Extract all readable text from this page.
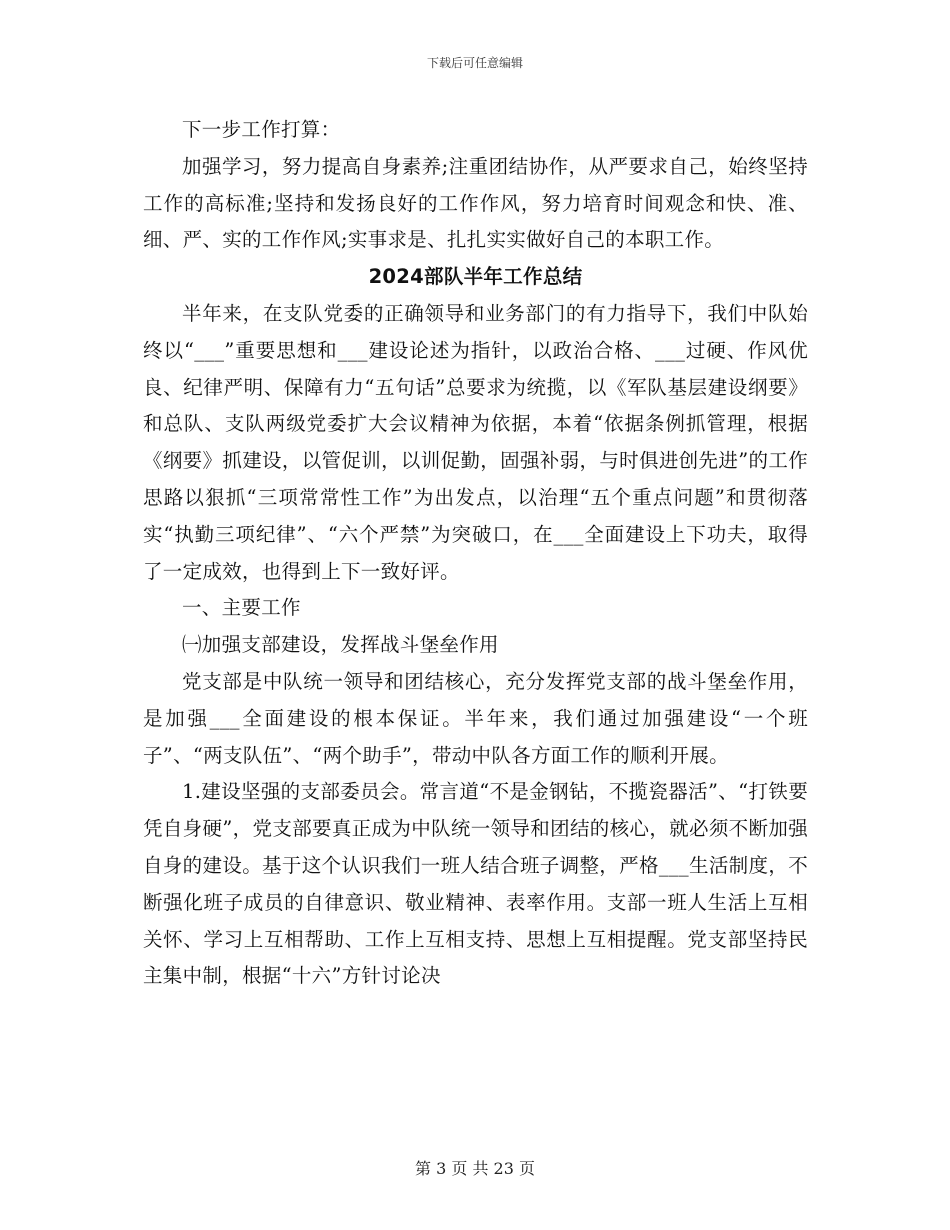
下载后可任意编辑

下一步工作打算：

加强学习，努力提高自身素养;注重团结协作，从严要求自己，始终坚持工作的高标准;坚持和发扬良好的工作作风，努力培育时间观念和快、准、细、严、实的工作作风;实事求是、扎扎实实做好自己的本职工作。

2024部队半年工作总结

半年来，在支队党委的正确领导和业务部门的有力指导下，我们中队始终以“___”重要思想和___建设论述为指针，以政治合格、___过硬、作风优良、纪律严明、保障有力“五句话”总要求为统揽，以《军队基层建设纲要》和总队、支队两级党委扩大会议精神为依据，本着“依据条例抓管理，根据《纲要》抓建设，以管促训，以训促勤，固强补弱，与时俱进创先进”的工作思路以狠抓“三项常常性工作”为出发点，以治理“五个重点问题”和贯彻落实“执勤三项纪律”、“六个严禁”为突破口，在___全面建设上下功夫，取得了一定成效，也得到上下一致好评。

一、主要工作

㈠加强支部建设，发挥战斗堡垒作用

党支部是中队统一领导和团结核心，充分发挥党支部的战斗堡垒作用，是加强___全面建设的根本保证。半年来，我们通过加强建设“一个班子”、“两支队伍”、“两个助手”，带动中队各方面工作的顺利开展。

1.建设坚强的支部委员会。常言道“不是金钢钻，不揽瓷器活”、“打铁要凭自身硬”，党支部要真正成为中队统一领导和团结的核心，就必须不断加强自身的建设。基于这个认识我们一班人结合班子调整，严格___生活制度，不断强化班子成员的自律意识、敬业精神、表率作用。支部一班人生活上互相关怀、学习上互相帮助、工作上互相支持、思想上互相提醒。党支部坚持民主集中制，根据“十六”方针讨论决

第 3 页 共 23 页
